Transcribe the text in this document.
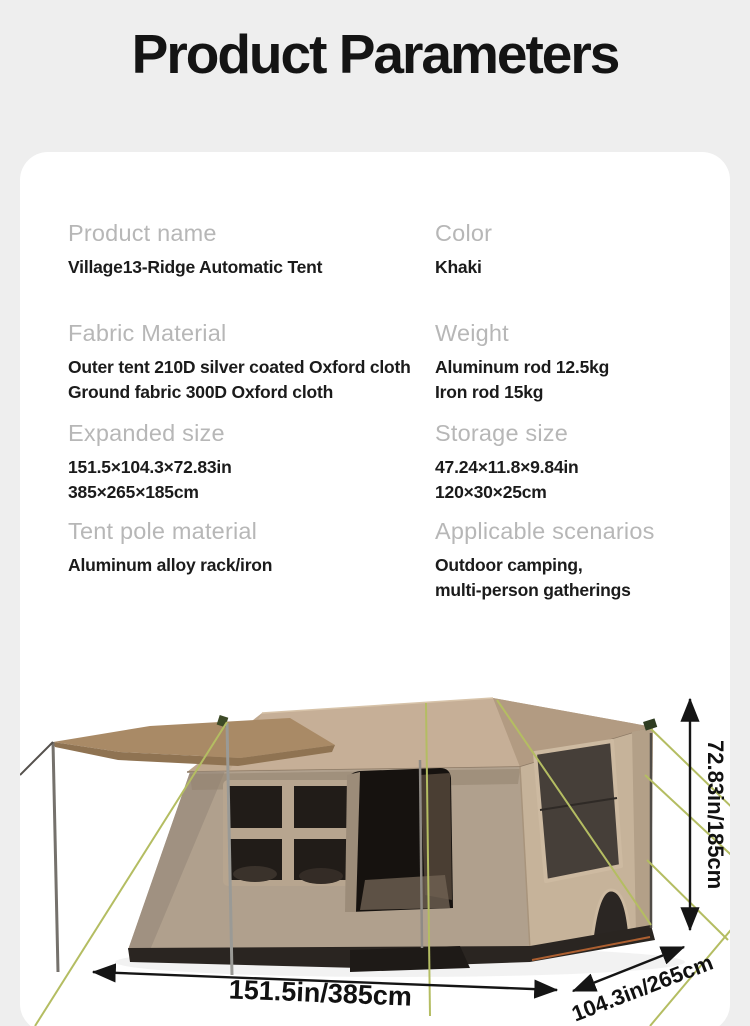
Product Parameters
Product name
Village13-Ridge Automatic Tent
Color
Khaki
Fabric Material
Outer tent 210D silver coated Oxford cloth
Ground fabric 300D Oxford cloth
Weight
Aluminum rod 12.5kg
Iron rod 15kg
Expanded size
151.5×104.3×72.83in
385×265×185cm
Storage size
47.24×11.8×9.84in
120×30×25cm
Tent pole material
Aluminum alloy rack/iron
Applicable scenarios
Outdoor camping,
multi-person gatherings
151.5in/385cm	104.3in/265cm
72.83in/185cm
